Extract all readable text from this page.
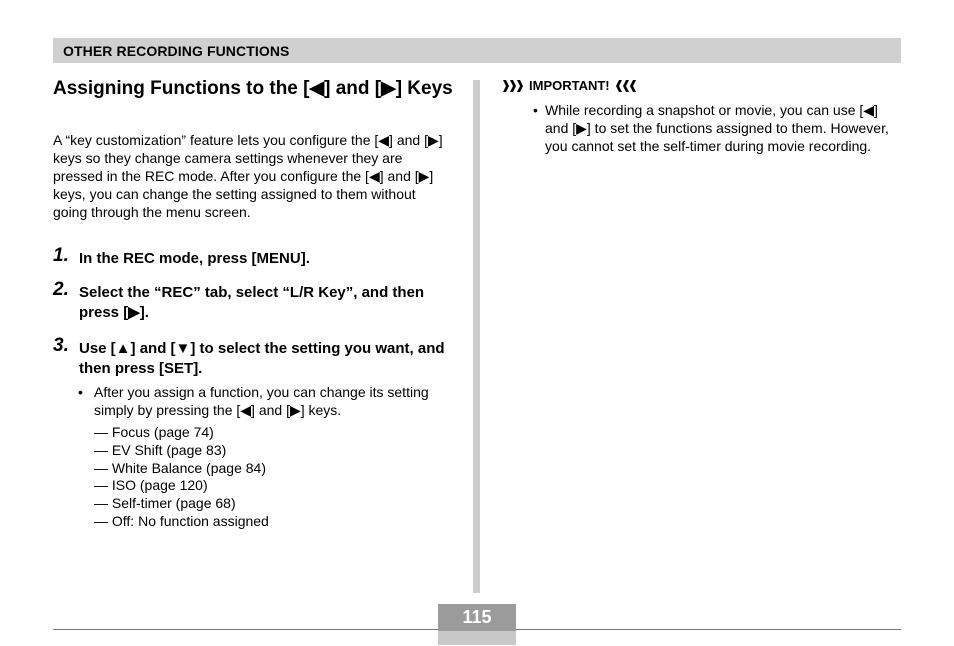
OTHER RECORDING FUNCTIONS
Assigning Functions to the [◀] and [▶] Keys
A “key customization” feature lets you configure the [◀] and [▶] keys so they change camera settings whenever they are pressed in the REC mode. After you configure the [◀] and [▶] keys, you can change the setting assigned to them without going through the menu screen.
1. In the REC mode, press [MENU].
2. Select the “REC” tab, select “L/R Key”, and then press [▶].
3. Use [▲] and [▼] to select the setting you want, and then press [SET].
• After you assign a function, you can change its setting simply by pressing the [◀] and [▶] keys.
— Focus (page 74)
— EV Shift (page 83)
— White Balance (page 84)
— ISO (page 120)
— Self-timer (page 68)
— Off: No function assigned
IMPORTANT!
• While recording a snapshot or movie, you can use [◀] and [▶] to set the functions assigned to them. However, you cannot set the self-timer during movie recording.
115
